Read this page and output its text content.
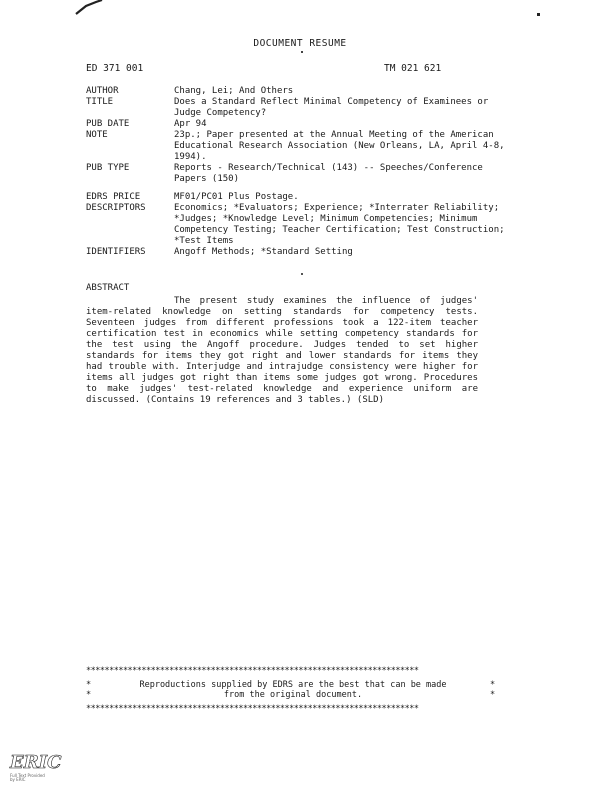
DOCUMENT RESUME
ED 371 001	TM 021 621
AUTHOR	Chang, Lei; And Others
TITLE	Does a Standard Reflect Minimal Competency of Examinees or Judge Competency?
PUB DATE	Apr 94
NOTE	23p.; Paper presented at the Annual Meeting of the American Educational Research Association (New Orleans, LA, April 4-8, 1994).
PUB TYPE	Reports - Research/Technical (143) -- Speeches/Conference Papers (150)
EDRS PRICE	MF01/PC01 Plus Postage.
DESCRIPTORS	Economics; *Evaluators; Experience; *Interrater Reliability; *Judges; *Knowledge Level; Minimum Competencies; Minimum Competency Testing; Teacher Certification; Test Construction; *Test Items
IDENTIFIERS	Angoff Methods; *Standard Setting
ABSTRACT
The present study examines the influence of judges' item-related knowledge on setting standards for competency tests. Seventeen judges from different professions took a 122-item teacher certification test in economics while setting competency standards for the test using the Angoff procedure. Judges tended to set higher standards for items they got right and lower standards for items they had trouble with. Interjudge and intrajudge consistency were higher for items all judges got right than items some judges got wrong. Procedures to make judges' test-related knowledge and experience uniform are discussed. (Contains 19 references and 3 tables.) (SLD)
************************************************************************
*
*
Reproductions supplied by EDRS are the best that can be made
from the original document.
*
*
************************************************************************
ERIC
Full Text Provided by ERIC
